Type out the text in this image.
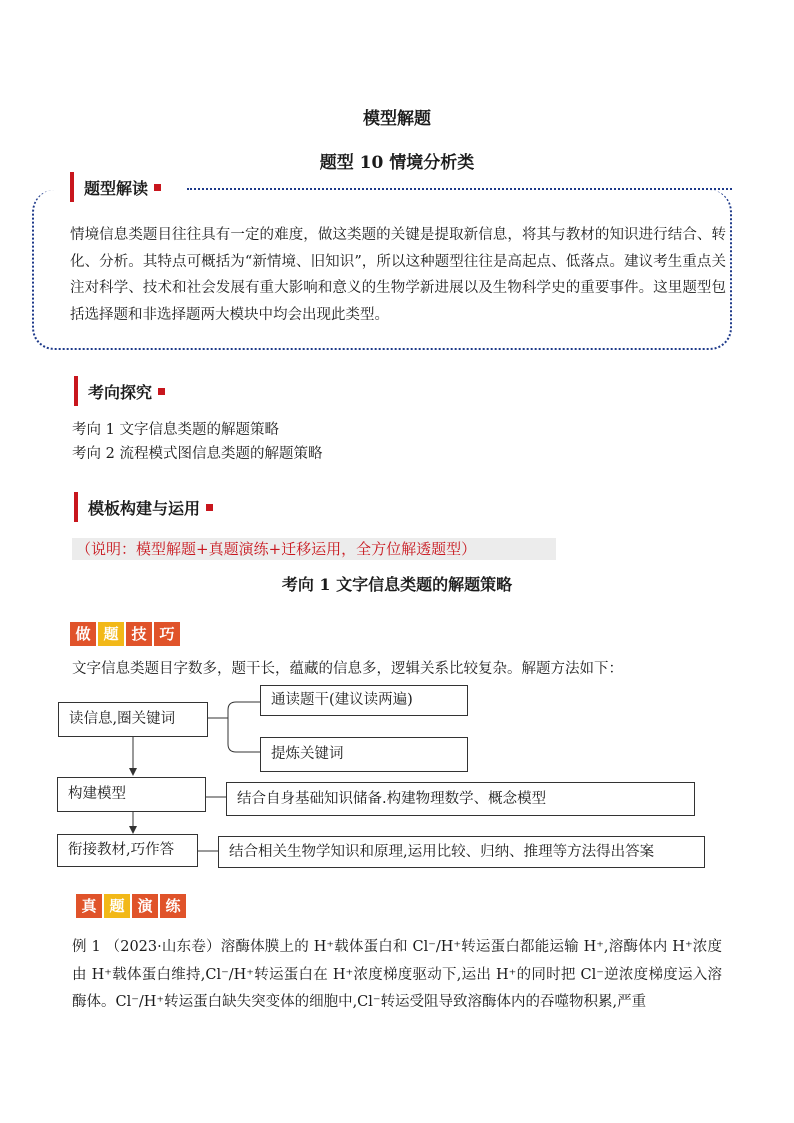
模型解题
题型 10 情境分析类
题型解读
情境信息类题目往往具有一定的难度，做这类题的关键是提取新信息，将其与教材的知识进行结合、转化、分析。其特点可概括为“新情境、旧知识”，所以这种题型往往是高起点、低落点。建议考生重点关注对科学、技术和社会发展有重大影响和意义的生物学新进展以及生物科学史的重要事件。这里题型包括选择题和非选择题两大模块中均会出现此类型。
考向探究
考向 1 文字信息类题的解题策略
考向 2 流程模式图信息类题的解题策略
模板构建与运用
（说明：模型解题+真题演练+迁移运用，全方位解透题型）
考向 1 文字信息类题的解题策略
做 题 技 巧
文字信息类题目字数多，题干长，蕴藏的信息多，逻辑关系比较复杂。解题方法如下：
读信息,圈关键词
通读题干(建议读两遍)
提炼关键词
构建模型	结合自身基础知识储备.构建物理数学、概念模型
衔接教材,巧作答	结合相关生物学知识和原理,运用比较、归纳、推理等方法得出答案
真 题 演 练
例 1 （2023·山东卷）溶酶体膜上的 H⁺载体蛋白和 Cl⁻/H⁺转运蛋白都能运输 H⁺,溶酶体内 H⁺浓度由 H⁺载体蛋白维持,Cl⁻/H⁺转运蛋白在 H⁺浓度梯度驱动下,运出 H⁺的同时把 Cl⁻逆浓度梯度运入溶酶体。Cl⁻/H⁺转运蛋白缺失突变体的细胞中,Cl⁻转运受阻导致溶酶体内的吞噬物积累,严重
